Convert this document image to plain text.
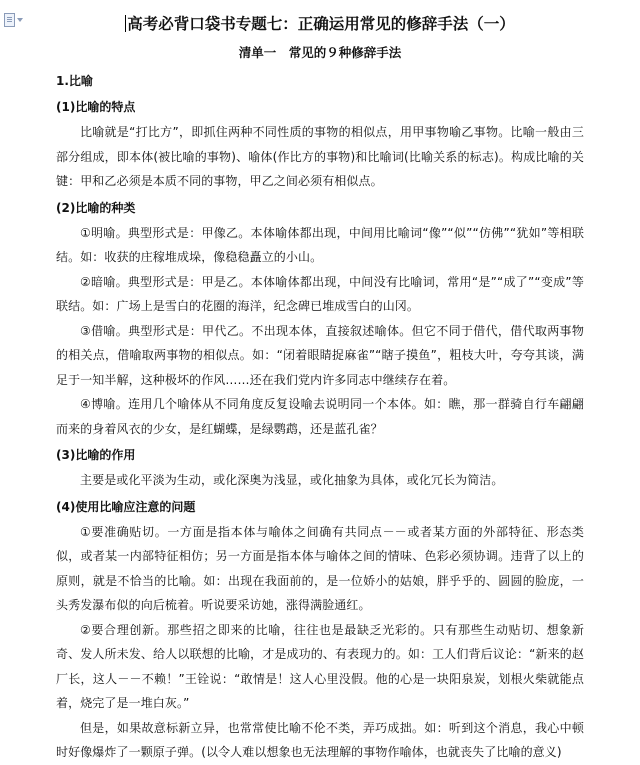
高考必背口袋书专题七：正确运用常见的修辞手法（一）
清单一　常见的９种修辞手法
1.比喻
(1)比喻的特点

比喻就是“打比方”，即抓住两种不同性质的事物的相似点，用甲事物喻乙事物。比喻一般由三部分组成，即本体(被比喻的事物)、喻体(作比方的事物)和比喻词(比喻关系的标志)。构成比喻的关键：甲和乙必须是本质不同的事物，甲乙之间必须有相似点。

(2)比喻的种类

①明喻。典型形式是：甲像乙。本体喻体都出现，中间用比喻词“像”“似”“仿佛”“犹如”等相联结。如：收获的庄稼堆成垛，像稳稳矗立的小山。

②暗喻。典型形式是：甲是乙。本体喻体都出现，中间没有比喻词，常用“是”“成了”“变成”等联结。如：广场上是雪白的花圈的海洋，纪念碑已堆成雪白的山冈。

③借喻。典型形式是：甲代乙。不出现本体，直接叙述喻体。但它不同于借代，借代取两事物的相关点，借喻取两事物的相似点。如：“闭着眼睛捉麻雀”“瞎子摸鱼”，粗枝大叶，夸夸其谈，满足于一知半解，这种极坏的作风……还在我们党内许多同志中继续存在着。

④博喻。连用几个喻体从不同角度反复设喻去说明同一个本体。如：瞧，那一群骑自行车翩翩而来的身着风衣的少女，是红蝴蝶，是绿鹦鹉，还是蓝孔雀？

(3)比喻的作用

主要是或化平淡为生动，或化深奥为浅显，或化抽象为具体，或化冗长为简洁。

(4)使用比喻应注意的问题

①要准确贴切。一方面是指本体与喻体之间确有共同点－－或者某方面的外部特征、形态类似，或者某一内部特征相仿；另一方面是指本体与喻体之间的情味、色彩必须协调。违背了以上的原则，就是不恰当的比喻。如：出现在我面前的，是一位娇小的姑娘，胖乎乎的、圆圆的脸庞，一头秀发瀑布似的向后梳着。听说要采访她，涨得满脸通红。

②要合理创新。那些招之即来的比喻，往往也是最缺乏光彩的。只有那些生动贴切、想象新奇、发人所未发、给人以联想的比喻，才是成功的、有表现力的。如：工人们背后议论：“新来的赵厂长，这人－－不赖！”王铨说：“敢情是！这人心里没假。他的心是一块阳泉炭，划根火柴就能点着，烧完了是一堆白灰。”

但是，如果故意标新立异，也常常使比喻不伦不类，弄巧成拙。如：听到这个消息，我心中顿时好像爆炸了一颗原子弹。(以令人难以想象也无法理解的事物作喻体，也就丧失了比喻的意义)
